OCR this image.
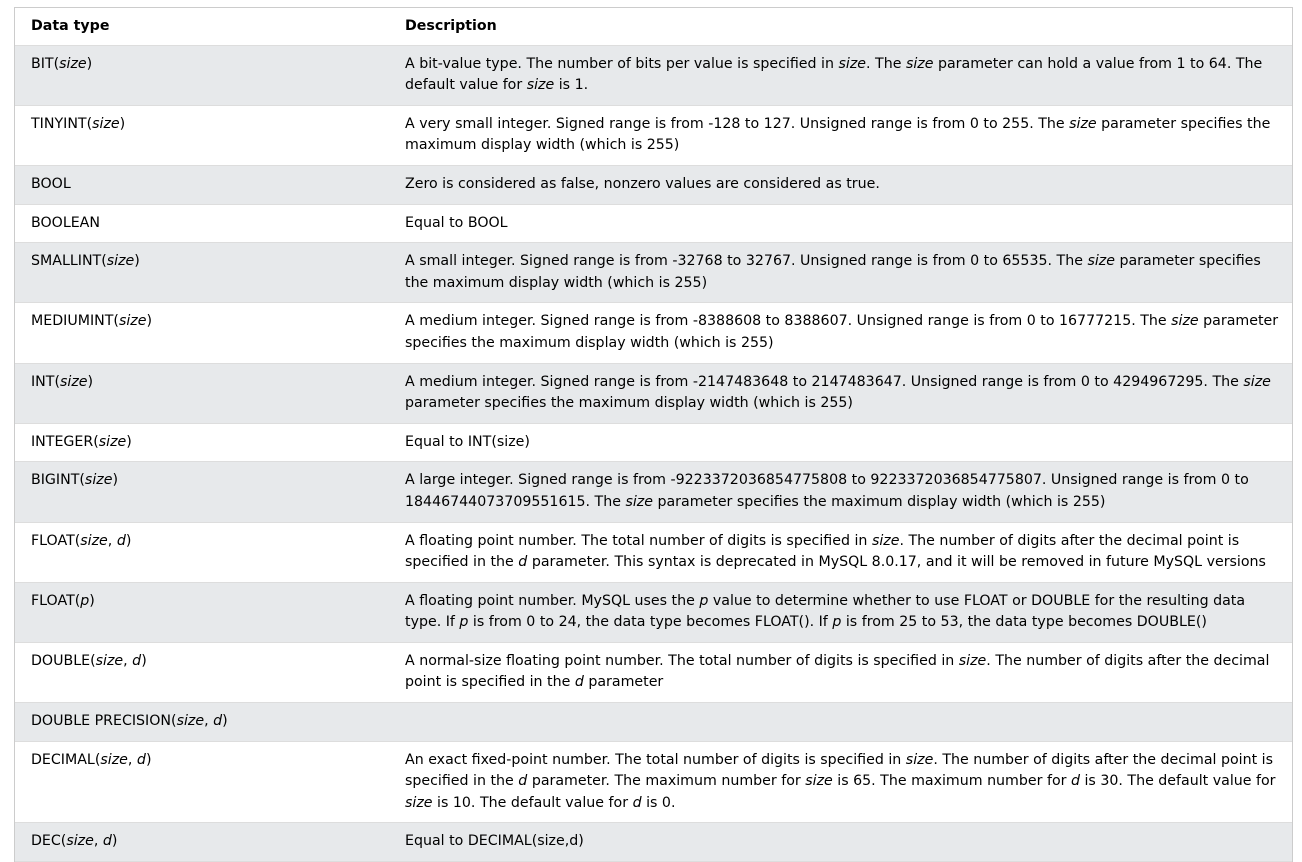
Data type	Description
BIT(size)	A bit-value type. The number of bits per value is specified in size. The size parameter can hold a value from 1 to 64. The default value for size is 1.
TINYINT(size)	A very small integer. Signed range is from -128 to 127. Unsigned range is from 0 to 255. The size parameter specifies the maximum display width (which is 255)
BOOL	Zero is considered as false, nonzero values are considered as true.
BOOLEAN	Equal to BOOL
SMALLINT(size)	A small integer. Signed range is from -32768 to 32767. Unsigned range is from 0 to 65535. The size parameter specifies the maximum display width (which is 255)
MEDIUMINT(size)	A medium integer. Signed range is from -8388608 to 8388607. Unsigned range is from 0 to 16777215. The size parameter specifies the maximum display width (which is 255)
INT(size)	A medium integer. Signed range is from -2147483648 to 2147483647. Unsigned range is from 0 to 4294967295. The size parameter specifies the maximum display width (which is 255)
INTEGER(size)	Equal to INT(size)
BIGINT(size)	A large integer. Signed range is from -9223372036854775808 to 9223372036854775807. Unsigned range is from 0 to 18446744073709551615. The size parameter specifies the maximum display width (which is 255)
FLOAT(size, d)	A floating point number. The total number of digits is specified in size. The number of digits after the decimal point is specified in the d parameter. This syntax is deprecated in MySQL 8.0.17, and it will be removed in future MySQL versions
FLOAT(p)	A floating point number. MySQL uses the p value to determine whether to use FLOAT or DOUBLE for the resulting data type. If p is from 0 to 24, the data type becomes FLOAT(). If p is from 25 to 53, the data type becomes DOUBLE()
DOUBLE(size, d)	A normal-size floating point number. The total number of digits is specified in size. The number of digits after the decimal point is specified in the d parameter
DOUBLE PRECISION(size, d)	
DECIMAL(size, d)	An exact fixed-point number. The total number of digits is specified in size. The number of digits after the decimal point is specified in the d parameter. The maximum number for size is 65. The maximum number for d is 30. The default value for size is 10. The default value for d is 0.
DEC(size, d)	Equal to DECIMAL(size,d)
